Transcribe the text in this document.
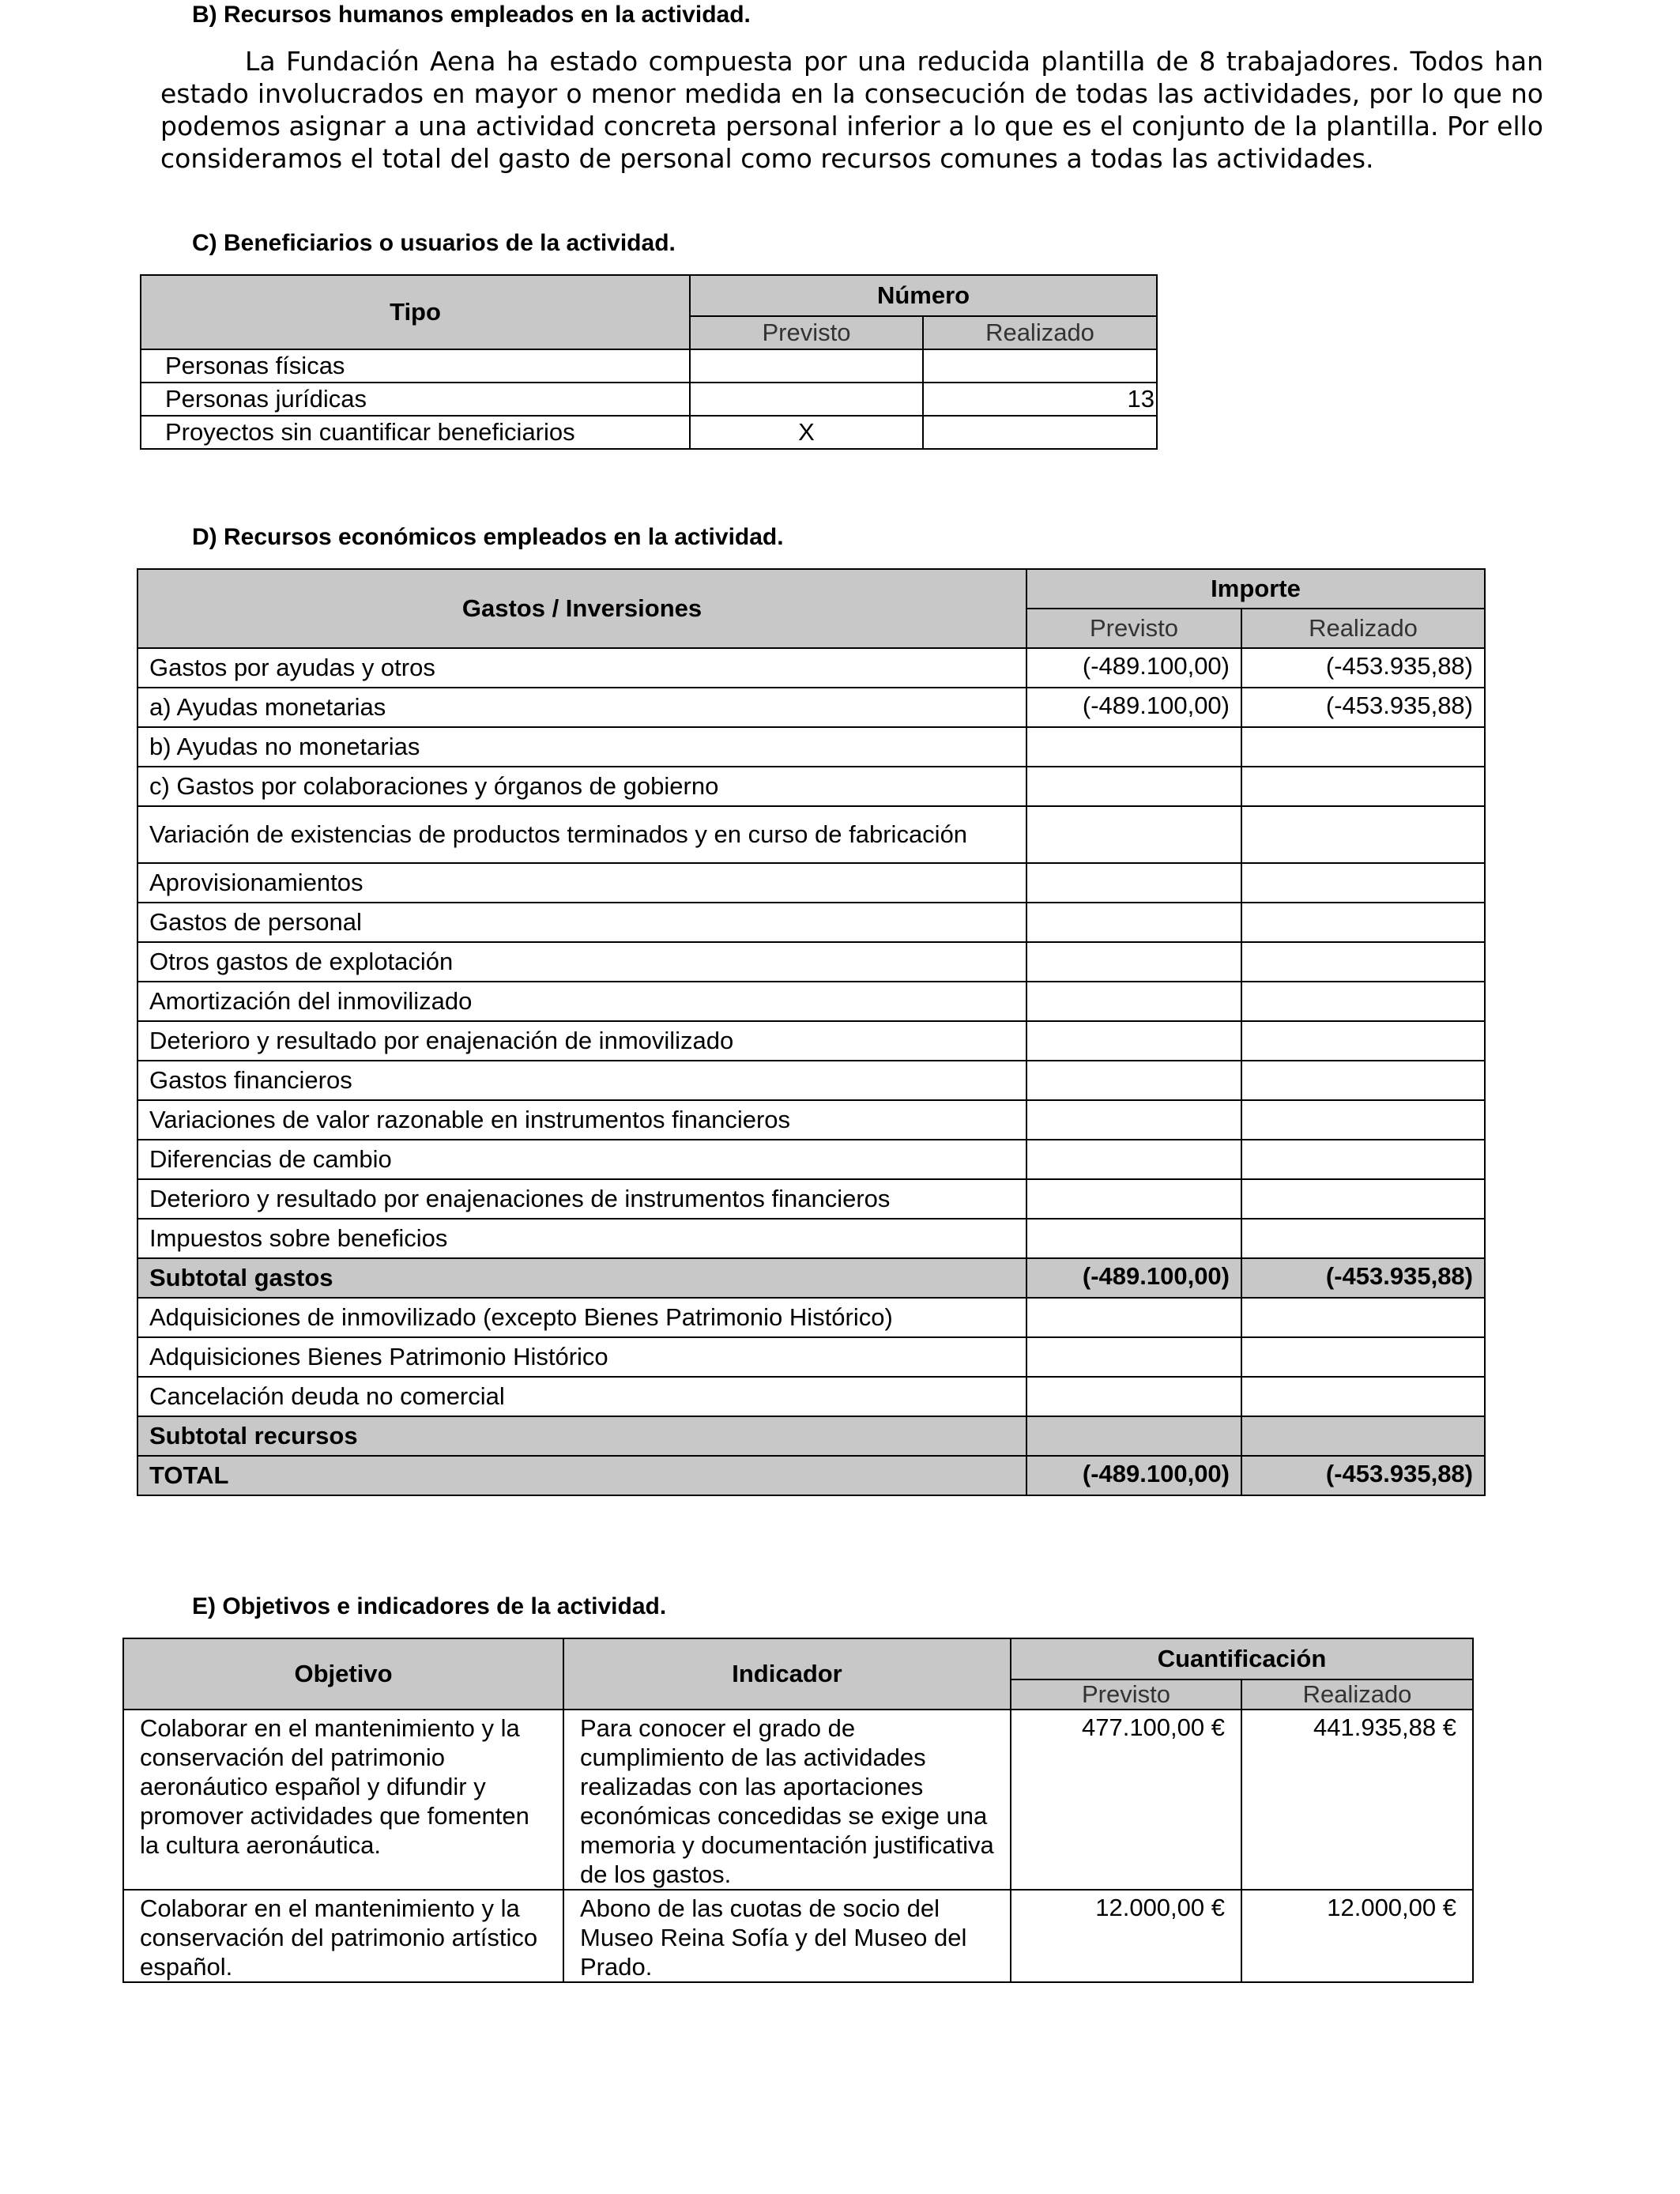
B) Recursos humanos empleados en la actividad.

La Fundación Aena ha estado compuesta por una reducida plantilla de 8 trabajadores. Todos han estado involucrados en mayor o menor medida en la consecución de todas las actividades, por lo que no podemos asignar a una actividad concreta personal inferior a lo que es el conjunto de la plantilla. Por ello consideramos el total del gasto de personal como recursos comunes a todas las actividades.

C) Beneficiarios o usuarios de la actividad.
Tipo	Número	
	Previsto	Realizado
Personas físicas		
Personas jurídicas		13
Proyectos sin cuantificar beneficiarios	X	
D) Recursos económicos empleados en la actividad.
Gastos / Inversiones	Importe	
	Previsto	Realizado
Gastos por ayudas y otros	(-489.100,00)	(-453.935,88)
a) Ayudas monetarias	(-489.100,00)	(-453.935,88)
b) Ayudas no monetarias		
c) Gastos por colaboraciones y órganos de gobierno		
Variación de existencias de productos terminados y en curso de fabricación		
Aprovisionamientos		
Gastos de personal		
Otros gastos de explotación		
Amortización del inmovilizado		
Deterioro y resultado por enajenación de inmovilizado		
Gastos financieros		
Variaciones de valor razonable en instrumentos financieros		
Diferencias de cambio		
Deterioro y resultado por enajenaciones de instrumentos financieros		
Impuestos sobre beneficios		
Subtotal gastos	(-489.100,00)	(-453.935,88)
Adquisiciones de inmovilizado (excepto Bienes Patrimonio Histórico)		
Adquisiciones Bienes Patrimonio Histórico		
Cancelación deuda no comercial		
Subtotal recursos		
TOTAL	(-489.100,00)	(-453.935,88)
E) Objetivos e indicadores de la actividad.
Objetivo	Indicador	Cuantificación	
		Previsto	Realizado
Colaborar en el mantenimiento y la conservación del patrimonio aeronáutico español y difundir y promover actividades que fomenten la cultura aeronáutica.	Para conocer el grado de cumplimiento de las actividades realizadas con las aportaciones económicas concedidas se exige una memoria y documentación justificativa de los gastos.	477.100,00 €	441.935,88 €
Colaborar en el mantenimiento y la conservación del patrimonio artístico español.	Abono de las cuotas de socio del Museo Reina Sofía y del Museo del Prado.	12.000,00 €	12.000,00 €
